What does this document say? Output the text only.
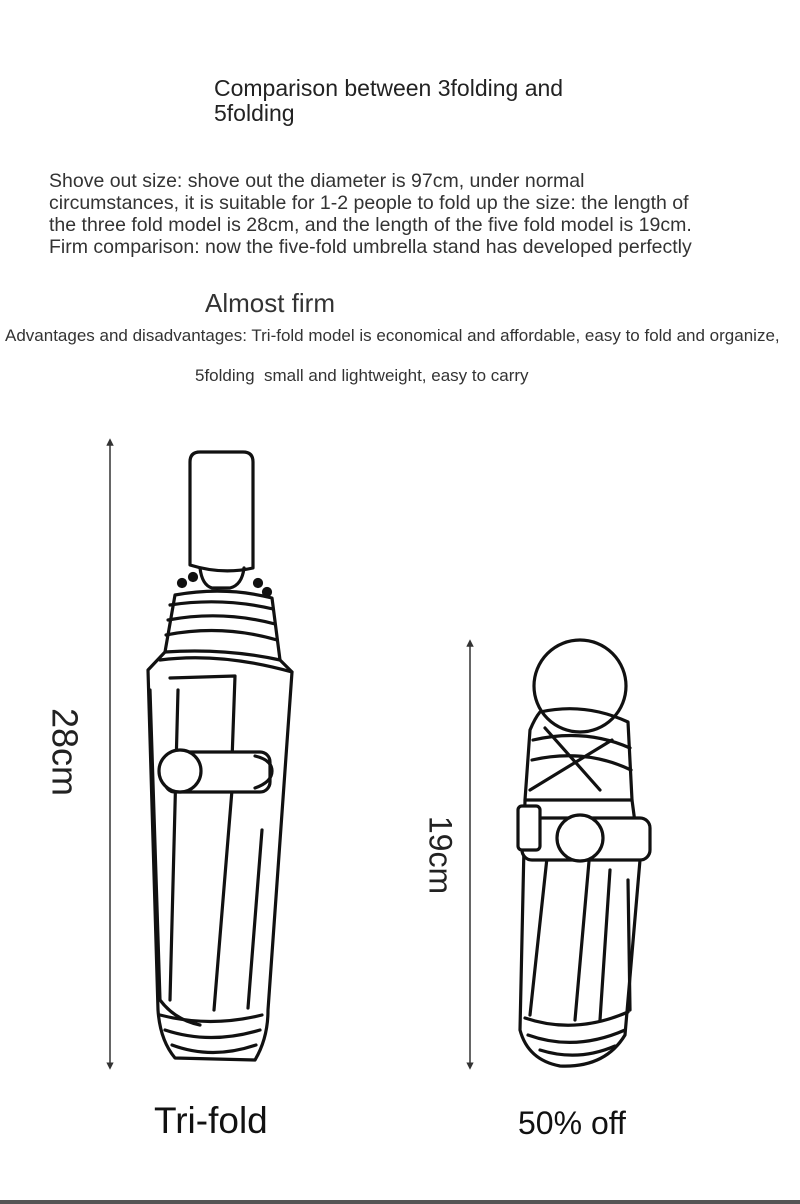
Comparison between 3folding and 5folding
Shove out size: shove out the diameter is 97cm, under normal
circumstances, it is suitable for 1-2 people to fold up the size: the length of
the three fold model is 28cm, and the length of the five fold model is 19cm.
Firm comparison: now the five-fold umbrella stand has developed perfectly
Almost firm
Advantages and disadvantages: Tri-fold model is economical and affordable, easy to fold and organize,
5folding  small and lightweight, easy to carry
28cm
19cm
Tri-fold	50% off
